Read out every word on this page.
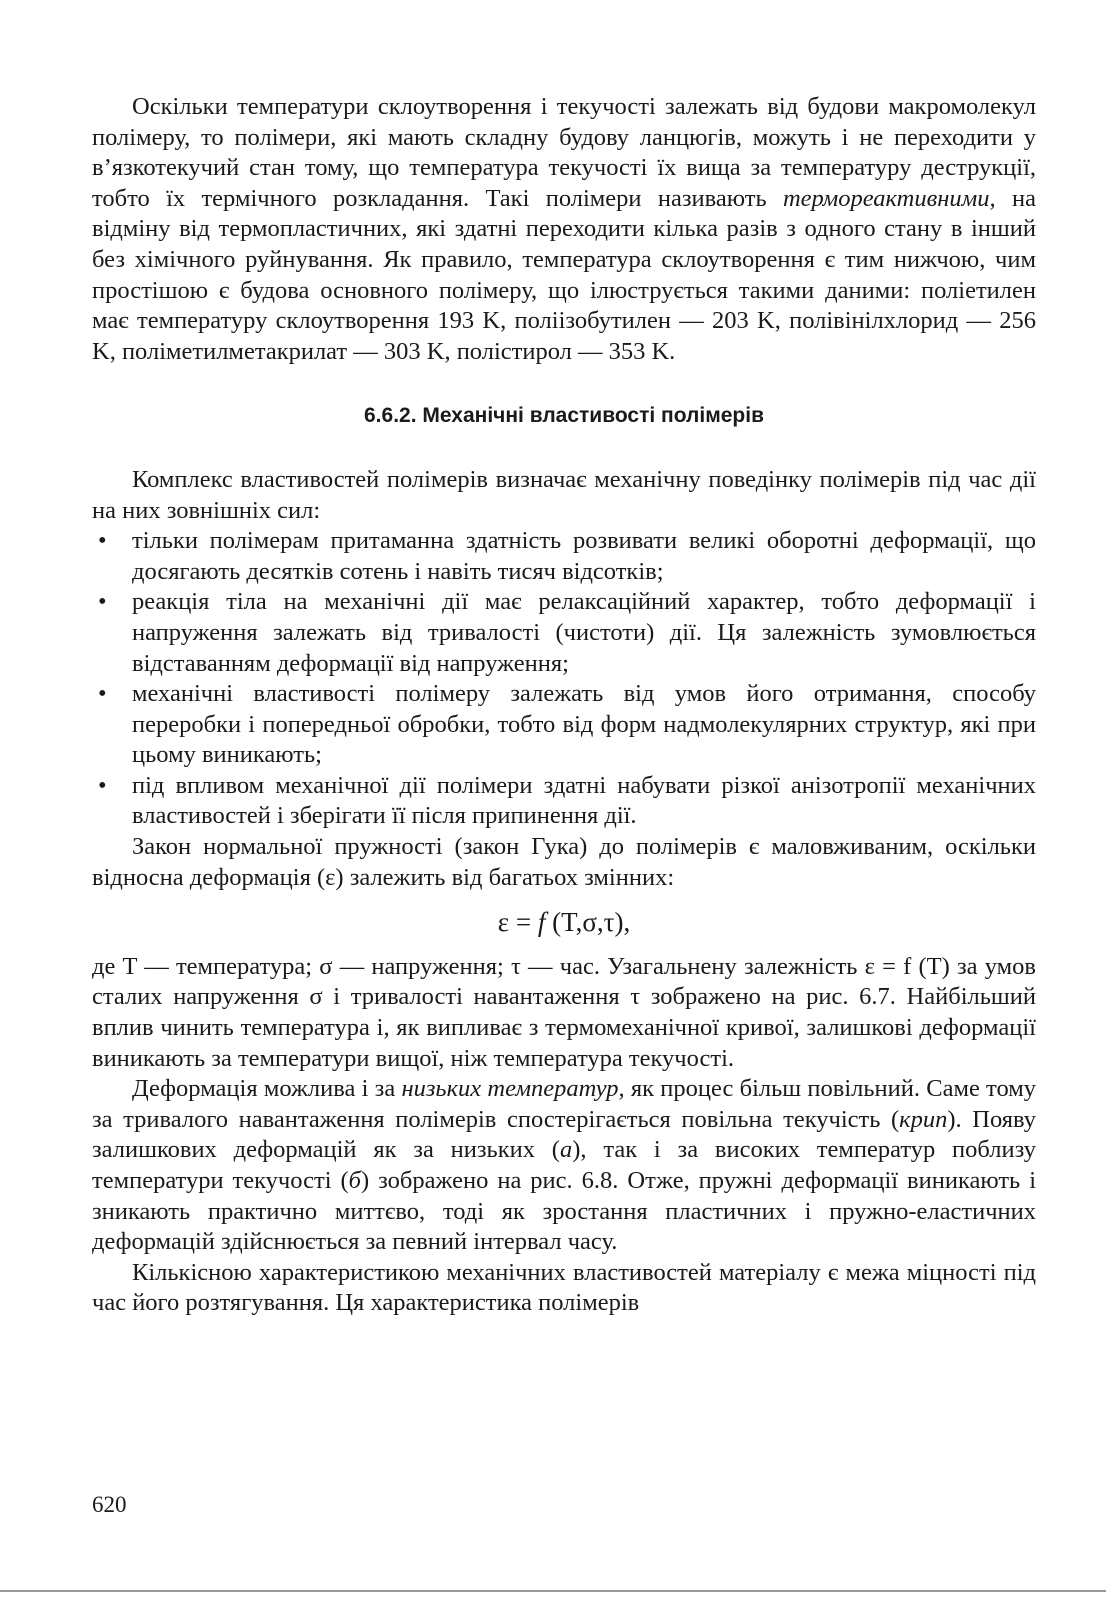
Оскільки температури склоутворення і текучості залежать від будови макромолекул полімеру, то полімери, які мають складну будову ланцюгів, можуть і не переходити у в’язкотекучий стан тому, що температура текучості їх вища за температуру деструкції, тобто їх термічного розкладання. Такі полімери називають термореактивними, на відміну від термопластичних, які здатні переходити кілька разів з одного стану в інший без хімічного руйнування. Як правило, температура склоутворення є тим нижчою, чим простішою є будова основного полімеру, що ілюструється такими даними: поліетилен має температуру склоутворення 193 K, поліізобутилен — 203 K, полівінілхлорид — 256 K, поліметилметакрилат — 303 K, полістирол — 353 K.

6.6.2. Механічні властивості полімерів

Комплекс властивостей полімерів визначає механічну поведінку полімерів під час дії на них зовнішніх сил:

• тільки полімерам притаманна здатність розвивати великі оборотні деформації, що досягають десятків сотень і навіть тисяч відсотків;
• реакція тіла на механічні дії має релаксаційний характер, тобто деформації і напруження залежать від тривалості (чистоти) дії. Ця залежність зумовлюється відставанням деформації від напруження;
• механічні властивості полімеру залежать від умов його отримання, способу переробки і попередньої обробки, тобто від форм надмолекулярних структур, які при цьому виникають;
• під впливом механічної дії полімери здатні набувати різкої анізотропії механічних властивостей і зберігати її після припинення дії.

Закон нормальної пружності (закон Гука) до полімерів є маловживаним, оскільки відносна деформація (ε) залежить від багатьох змінних:

ε = f (T,σ,τ),

де T — температура; σ — напруження; τ — час. Узагальнену залежність ε = f (T) за умов сталих напруження σ і тривалості навантаження τ зображено на рис. 6.7. Найбільший вплив чинить температура і, як випливає з термомеханічної кривої, залишкові деформації виникають за температури вищої, ніж температура текучості.

Деформація можлива і за низьких температур, як процес більш повільний. Саме тому за тривалого навантаження полімерів спостерігається повільна текучість (крип). Появу залишкових деформацій як за низьких (а), так і за високих температур поблизу температури текучості (б) зображено на рис. 6.8. Отже, пружні деформації виникають і зникають практично миттєво, тоді як зростання пластичних і пружно-еластичних деформацій здійснюється за певний інтервал часу.

Кількісною характеристикою механічних властивостей матеріалу є межа міцності під час його розтягування. Ця характеристика полімерів

620
